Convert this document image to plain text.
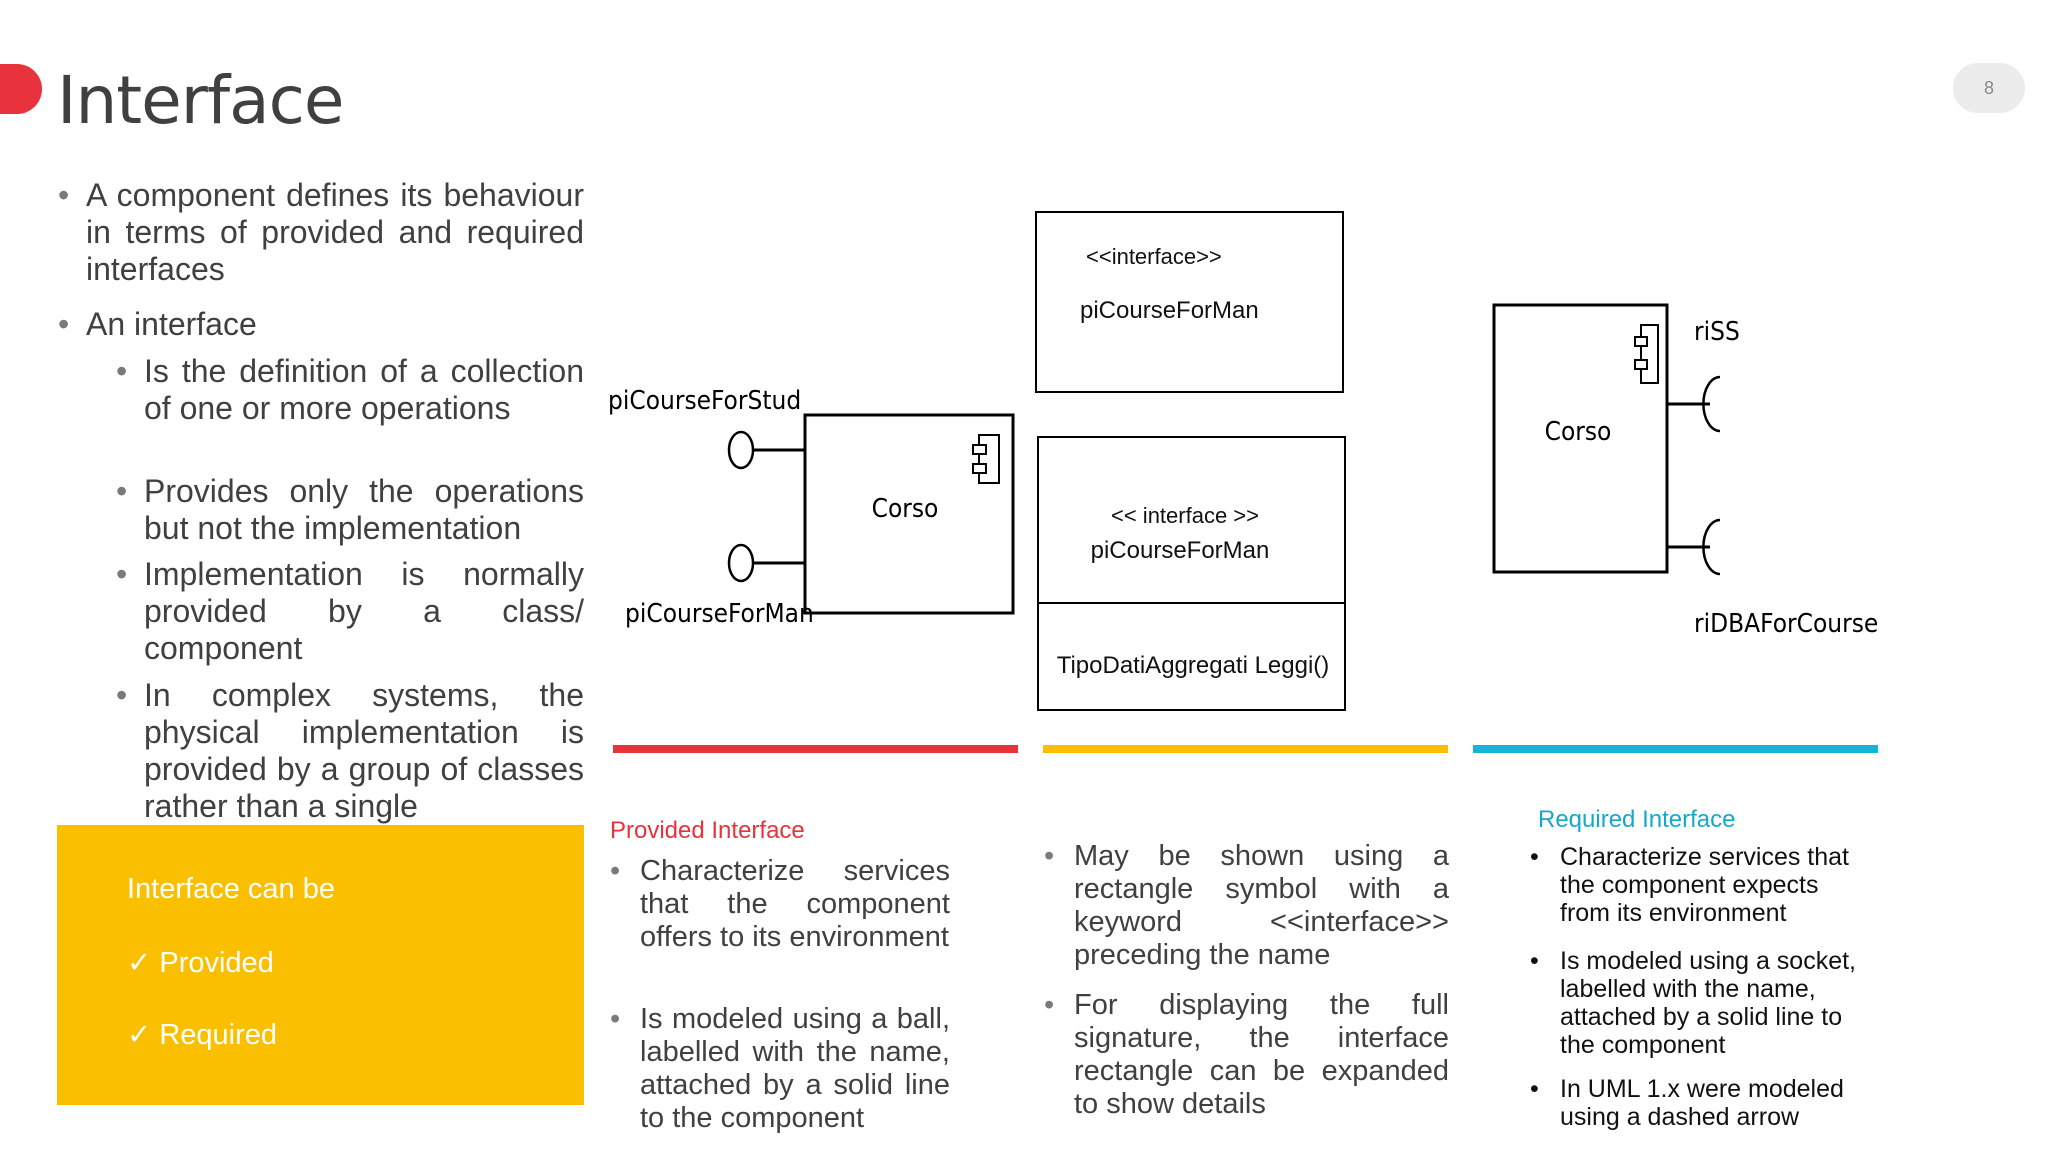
Interface	8
• A component defines its behaviour in terms of provided and required interfaces
• An interface
• Is the definition of a collection of one or more operations
• Provides only the operations but not the implementation
• Implementation is normally provided by a class/ component
• In complex systems, the physical implementation is provided by a group of classes rather than a single
Interface can be
✓ Provided
✓ Required
Corso
piCourseForStud
piCourseForMan
<<interface>>
piCourseForMan
<< interface >>
piCourseForMan
TipoDatiAggregati Leggi()
Corso
riSS
riDBAForCourse
Provided Interface
• Characterize services that the component offers to its environment
• Is modeled using a ball, labelled with the name, attached by a solid line to the component
• May be shown using a rectangle symbol with a keyword <<interface>> preceding the name
• For displaying the full signature, the interface rectangle can be expanded to show details
Required Interface
• Characterize services that the component expects from its environment
• Is modeled using a socket, labelled with the name, attached by a solid line to the component
• In UML 1.x were modeled using a dashed arrow
